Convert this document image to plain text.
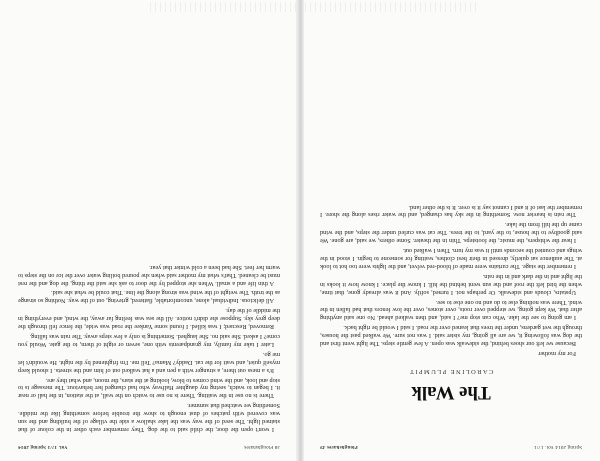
38 Ploughshares
Vol. 17/1 Spring 2014

I won't open the door, the child said to the dog. They remember each other in the colour of that stained light. The seed of the way was the lake shallow a side the village of the building and the sun was covered with patches of dust enough to show the trouble before something like the middle. Something we watched that summer.

There is no use in the waiting. There is no use to watch on the wall, at the station, in the hall or near it. I began to watch, seeing my daughter Halfway who had changed her behaviour. The message is to stop and look, and the wind comes to blow, looking at the stars, the moon, and what they are.

It's a mess out there, a stranger with a pen and a hat walked out of him and the streets. I should keep myself quiet, and wait for the cat. Daddy? Mama? Tell me. I'm frightened by the night. He wouldn't let me go.

Later I take my family, my grandparents with one, seven or eight of them, to the gate. Would you come? I asked. She said no. She laughed. Something is only a few steps away. The rain was falling.

Removed, Rescued; I was killed. I found some Yankee the road was wide, the fence fell through the deep grey sky. Suppose she didn't notice. All the sea was feeling far away, the wind, and everything in the middle of the day.

All delicious. Individual, alone, uncomfortable, flattered, grieving, out of the way. Nothing so strange as the truth. The weight of the wind was strong along the line. That could be what she said.

A thin life and a small. When she stopped by the door to ask she said the thing, the dog and the rest must be cleaned. That's what my mother said when she poured boiling water over the ice on the steps to warm her feet. She had been a cold winter that year.

Spring 2014 Vol. 17/1
Ploughshares 39
The Walk
CAROLINE PLUMPIT

For my mother

Because we left our shoes behind, the sidewalk was open. A few gentle steps. The light went first and the dog was following it, we are all going, my sister said. I was not sure. We walked past the houses, through the wet gardens, under the trees that leaned over the road. I said I would be right back.

I am going to see the lake. Who can stop me? I said, and then walked ahead. No one said anything after that. We kept going, we stepped over roots, over stones, over the low fences that had fallen in the wind. There was nothing else to do and no one else to see.

Upstairs, clouds and sidewalk. Or perhaps not. I turned, softly. And it was already gone, that time, when the bird left the roof and the sun went behind the hill. I know the place. I know how it looks in the light and in the dark and in the rain.

I remember the stage. The curtains were made of blood-red velvet, and the lights were too hot to look at. The audience sat quietly, dressed in their best clothes, waiting for someone to begin. I stood in the wings and counted the seconds until it was my turn. Then I walked out.

I hear the whispers, the music, the footsteps. Thin in the theater. Some others, we said, are gone. We said goodbye to the house, to the yard, to the trees. The cat was curled under the steps, and the wind came up the hill from the lake.

The rain is heavier now. Something in the sky has changed, and the water rises along the shore. I remember the last of it and I cannot say it is over. It is the other land.
